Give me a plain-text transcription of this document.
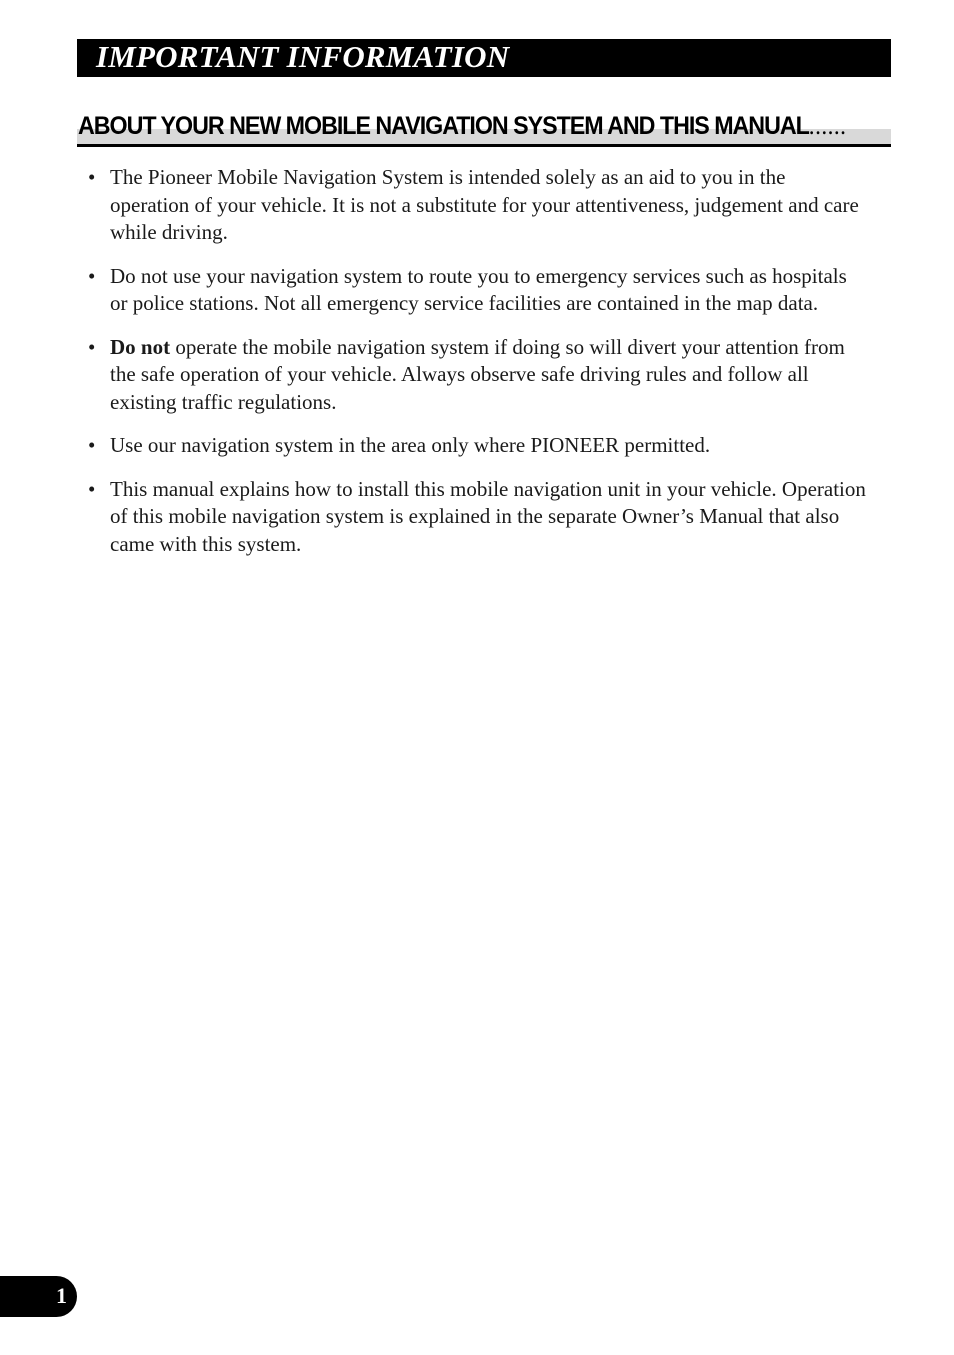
IMPORTANT INFORMATION
ABOUT YOUR NEW MOBILE NAVIGATION SYSTEM AND THIS MANUAL......
• The Pioneer Mobile Navigation System is intended solely as an aid to you in the operation of your vehicle. It is not a substitute for your attentiveness, judgement and care while driving.
• Do not use your navigation system to route you to emergency services such as hospitals or police stations. Not all emergency service facilities are contained in the map data.
• Do not operate the mobile navigation system if doing so will divert your attention from the safe operation of your vehicle. Always observe safe driving rules and follow all existing traffic regulations.
• Use our navigation system in the area only where PIONEER permitted.
• This manual explains how to install this mobile navigation unit in your vehicle. Operation of this mobile navigation system is explained in the separate Owner’s Manual that also came with this system.
1
